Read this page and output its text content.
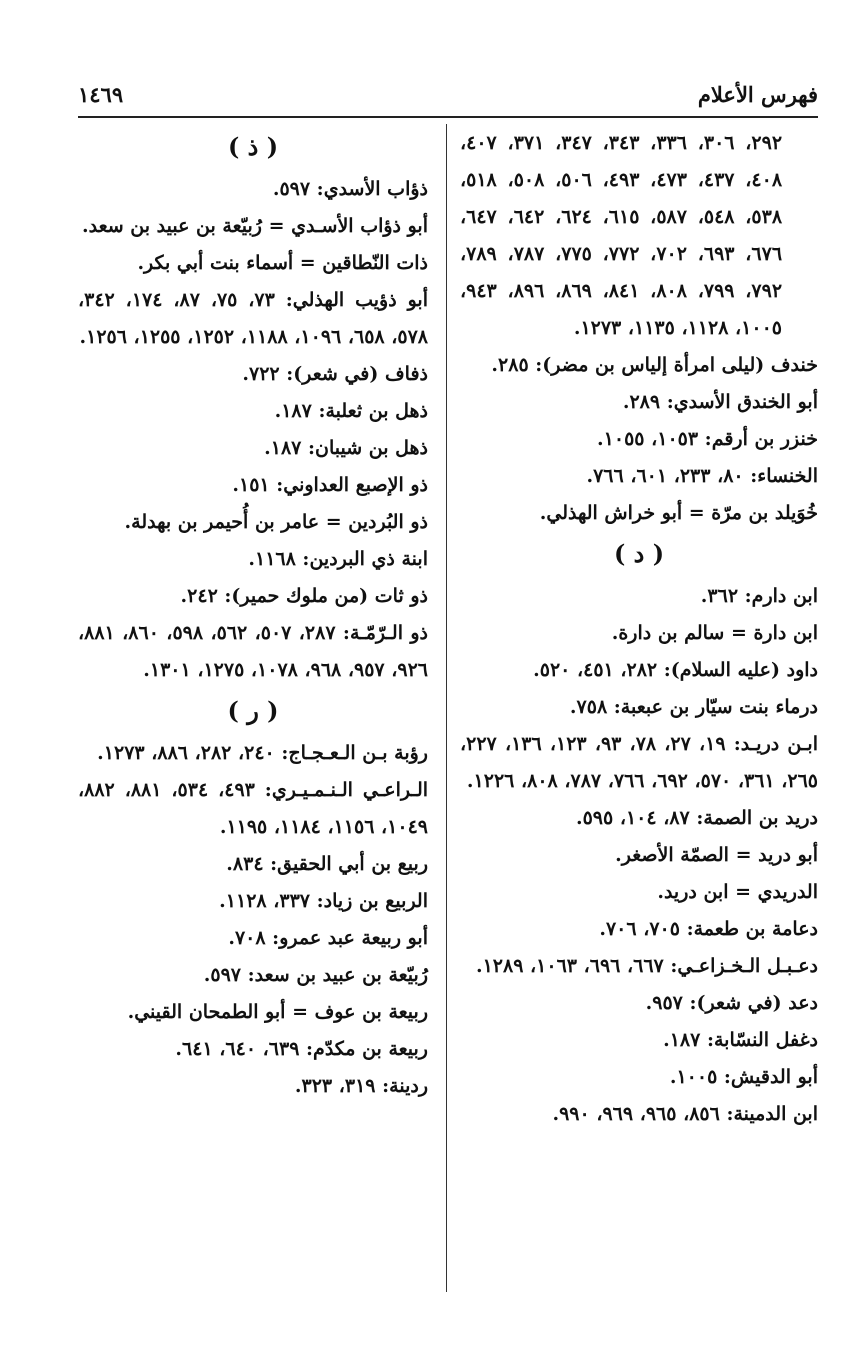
فهرس الأعلام
١٤٦٩
٢٩٢، ٣٠٦، ٣٣٦، ٣٤٣، ٣٤٧، ٣٧١، ٤٠٧، ٤٠٨، ٤٣٧، ٤٧٣، ٤٩٣، ٥٠٦، ٥٠٨، ٥١٨، ٥٣٨، ٥٤٨، ٥٨٧، ٦١٥، ٦٢٤، ٦٤٢، ٦٤٧، ٦٧٦، ٦٩٣، ٧٠٢، ٧٧٢، ٧٧٥، ٧٨٧، ٧٨٩، ٧٩٢، ٧٩٩، ٨٠٨، ٨٤١، ٨٦٩، ٨٩٦، ٩٤٣، ١٠٠٥، ١١٢٨، ١١٣٥، ١٢٧٣.
خندف (ليلى امرأة إلياس بن مضر): ٢٨٥.
أبو الخندق الأسدي: ٢٨٩.
خنزر بن أرقم: ١٠٥٣، ١٠٥٥.
الخنساء: ٨٠، ٢٣٣، ٦٠١، ٧٦٦.
خُوَيلد بن مرّة = أبو خراش الهذلي.
( د )
ابن دارم: ٣٦٢.
ابن دارة = سالم بن دارة.
داود (عليه السلام): ٢٨٢، ٤٥١، ٥٢٠.
درماء بنت سيّار بن عبعبة: ٧٥٨.
ابـن دريـد: ١٩، ٢٧، ٧٨، ٩٣، ١٢٣، ١٣٦، ٢٢٧، ٢٦٥، ٣٦١، ٥٧٠، ٦٩٢، ٧٦٦، ٧٨٧، ٨٠٨، ١٢٢٦.
دريد بن الصمة: ٨٧، ١٠٤، ٥٩٥.
أبو دريد = الصمّة الأصغر.
الدريدي = ابن دريد.
دعامة بن طعمة: ٧٠٥، ٧٠٦.
دعـبـل الـخـزاعـي: ٦٦٧، ٦٩٦، ١٠٦٣، ١٢٨٩.
دعد (في شعر): ٩٥٧.
دغفل النسّابة: ١٨٧.
أبو الدقيش: ١٠٠٥.
ابن الدمينة: ٨٥٦، ٩٦٥، ٩٦٩، ٩٩٠.
( ذ )
ذؤاب الأسدي: ٥٩٧.
أبو ذؤاب الأسـدي = رُبيّعة بن عبيد بن سعد.
ذات النّطاقين = أسماء بنت أبي بكر.
أبو ذؤيب الهذلي: ٧٣، ٧٥، ٨٧، ١٧٤، ٣٤٢، ٥٧٨، ٦٥٨، ١٠٩٦، ١١٨٨، ١٢٥٢، ١٢٥٥، ١٢٥٦.
ذفاف (في شعر): ٧٢٢.
ذهل بن ثعلبة: ١٨٧.
ذهل بن شيبان: ١٨٧.
ذو الإصبع العداوني: ١٥١.
ذو البُردين = عامر بن أُحيمر بن بهدلة.
ابنة ذي البردين: ١١٦٨.
ذو ثات (من ملوك حمير): ٢٤٢.
ذو الـرّمّـة: ٢٨٧، ٥٠٧، ٥٦٢، ٥٩٨، ٨٦٠، ٨٨١، ٩٢٦، ٩٥٧، ٩٦٨، ١٠٧٨، ١٢٧٥، ١٣٠١.
( ر )
رؤبة بـن الـعـجـاج: ٢٤٠، ٢٨٢، ٨٨٦، ١٢٧٣.
الـراعـي الـنـمـيـري: ٤٩٣، ٥٣٤، ٨٨١، ٨٨٢، ١٠٤٩، ١١٥٦، ١١٨٤، ١١٩٥.
ربيع بن أبي الحقيق: ٨٣٤.
الربيع بن زياد: ٣٣٧، ١١٢٨.
أبو ربيعة عبد عمرو: ٧٠٨.
رُبيّعة بن عبيد بن سعد: ٥٩٧.
ربيعة بن عوف = أبو الطمحان القيني.
ربيعة بن مكدّم: ٦٣٩، ٦٤٠، ٦٤١.
ردينة: ٣١٩، ٣٢٣.
